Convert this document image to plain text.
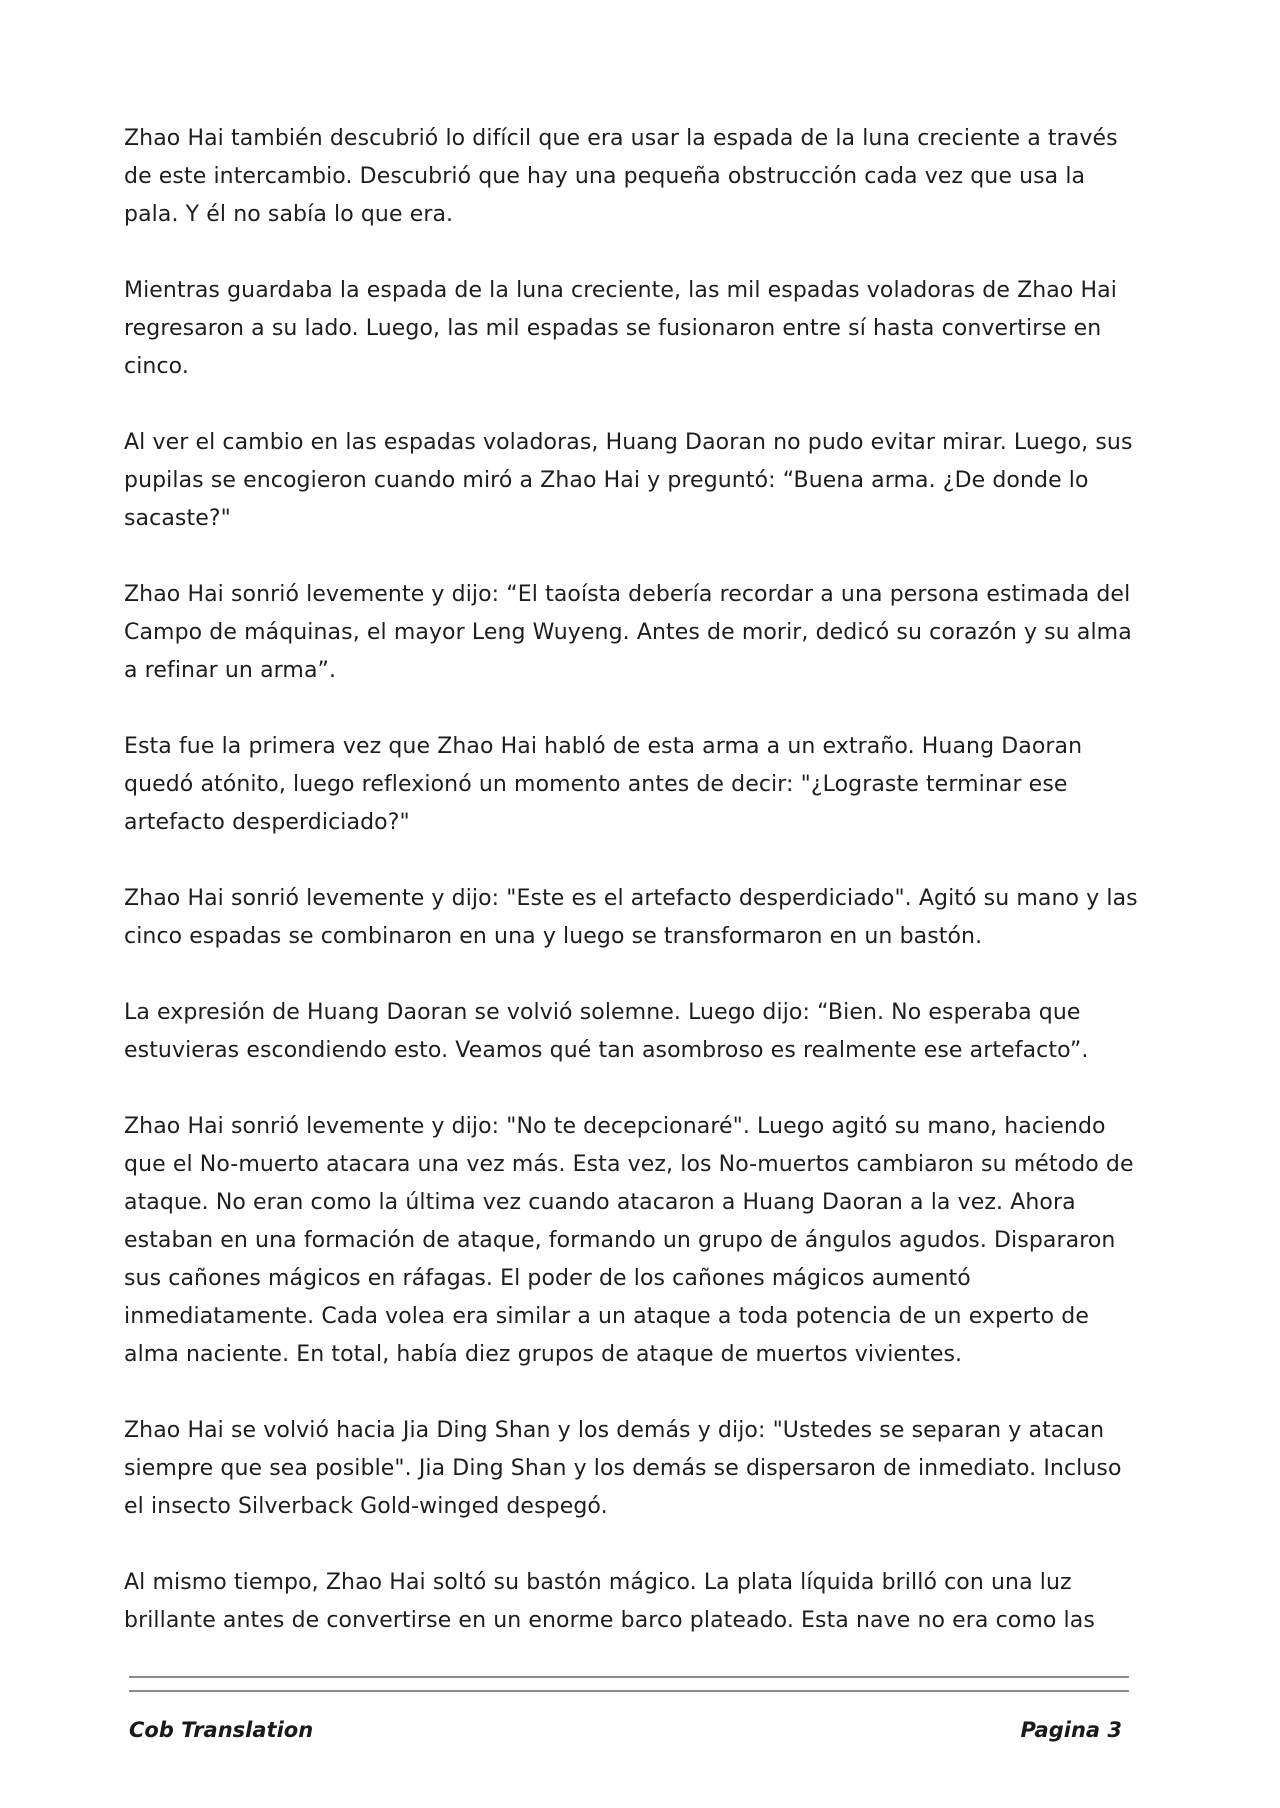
Zhao Hai también descubrió lo difícil que era usar la espada de la luna creciente a través de este intercambio. Descubrió que hay una pequeña obstrucción cada vez que usa la pala. Y él no sabía lo que era.

Mientras guardaba la espada de la luna creciente, las mil espadas voladoras de Zhao Hai regresaron a su lado. Luego, las mil espadas se fusionaron entre sí hasta convertirse en cinco.

Al ver el cambio en las espadas voladoras, Huang Daoran no pudo evitar mirar. Luego, sus pupilas se encogieron cuando miró a Zhao Hai y preguntó: “Buena arma. ¿De donde lo sacaste?"

Zhao Hai sonrió levemente y dijo: “El taoísta debería recordar a una persona estimada del Campo de máquinas, el mayor Leng Wuyeng. Antes de morir, dedicó su corazón y su alma a refinar un arma”.

Esta fue la primera vez que Zhao Hai habló de esta arma a un extraño. Huang Daoran quedó atónito, luego reflexionó un momento antes de decir: "¿Lograste terminar ese artefacto desperdiciado?"

Zhao Hai sonrió levemente y dijo: "Este es el artefacto desperdiciado". Agitó su mano y las cinco espadas se combinaron en una y luego se transformaron en un bastón.

La expresión de Huang Daoran se volvió solemne. Luego dijo: “Bien. No esperaba que estuvieras escondiendo esto. Veamos qué tan asombroso es realmente ese artefacto”.

Zhao Hai sonrió levemente y dijo: "No te decepcionaré". Luego agitó su mano, haciendo que el No-muerto atacara una vez más. Esta vez, los No-muertos cambiaron su método de ataque. No eran como la última vez cuando atacaron a Huang Daoran a la vez. Ahora estaban en una formación de ataque, formando un grupo de ángulos agudos. Dispararon sus cañones mágicos en ráfagas. El poder de los cañones mágicos aumentó inmediatamente. Cada volea era similar a un ataque a toda potencia de un experto de alma naciente. En total, había diez grupos de ataque de muertos vivientes.

Zhao Hai se volvió hacia Jia Ding Shan y los demás y dijo: "Ustedes se separan y atacan siempre que sea posible". Jia Ding Shan y los demás se dispersaron de inmediato. Incluso el insecto Silverback Gold-winged despegó.

Al mismo tiempo, Zhao Hai soltó su bastón mágico. La plata líquida brilló con una luz brillante antes de convertirse en un enorme barco plateado. Esta nave no era como las

Cob Translation	Pagina 3
